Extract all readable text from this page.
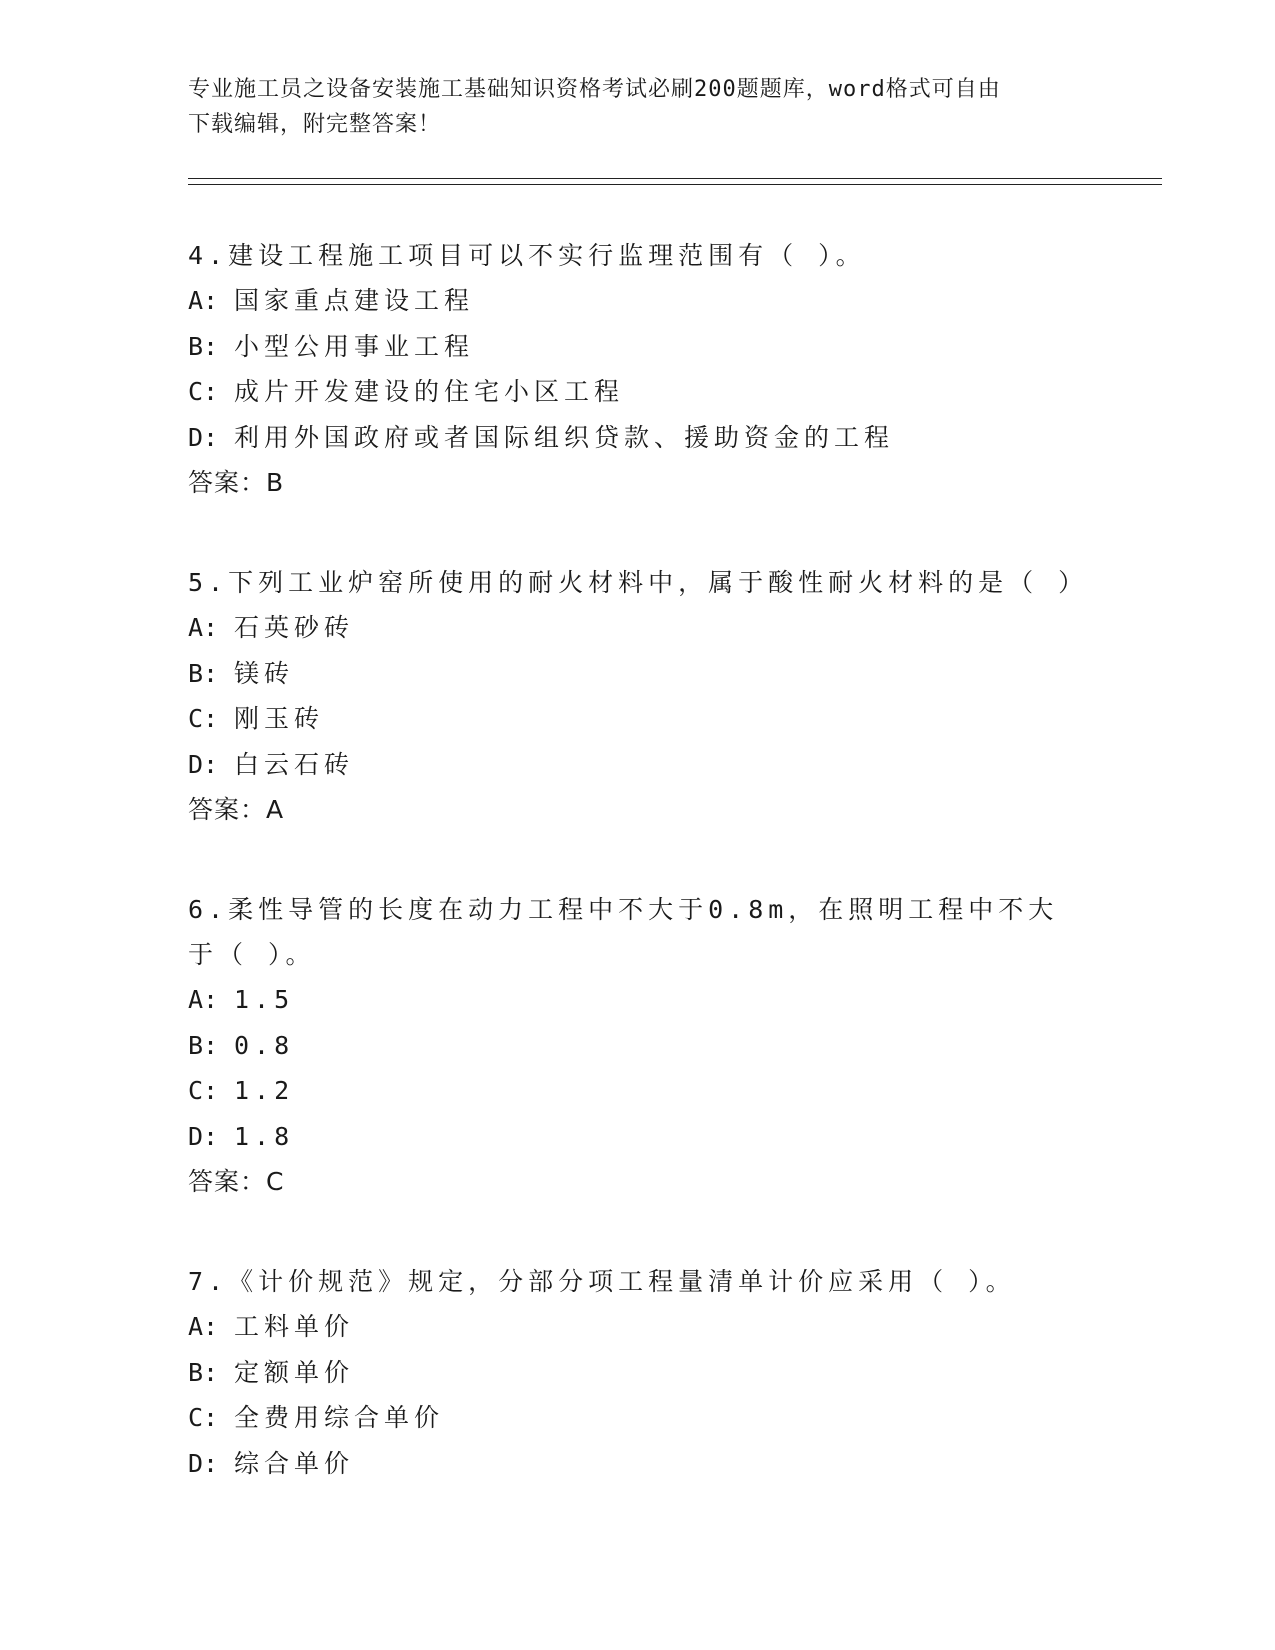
专业施工员之设备安装施工基础知识资格考试必刷200题题库，word格式可自由
下载编辑，附完整答案！

4.建设工程施工项目可以不实行监理范围有（ ）。

A: 国家重点建设工程
B: 小型公用事业工程
C: 成片开发建设的住宅小区工程
D: 利用外国政府或者国际组织贷款、援助资金的工程
答案：B

5.下列工业炉窑所使用的耐火材料中，属于酸性耐火材料的是（ ）

A: 石英砂砖
B: 镁砖
C: 刚玉砖
D: 白云石砖
答案：A

6.柔性导管的长度在动力工程中不大于0.8m，在照明工程中不大于（ ）。

A: 1.5
B: 0.8
C: 1.2
D: 1.8
答案：C

7.《计价规范》规定，分部分项工程量清单计价应采用（ ）。

A: 工料单价
B: 定额单价
C: 全费用综合单价
D: 综合单价
